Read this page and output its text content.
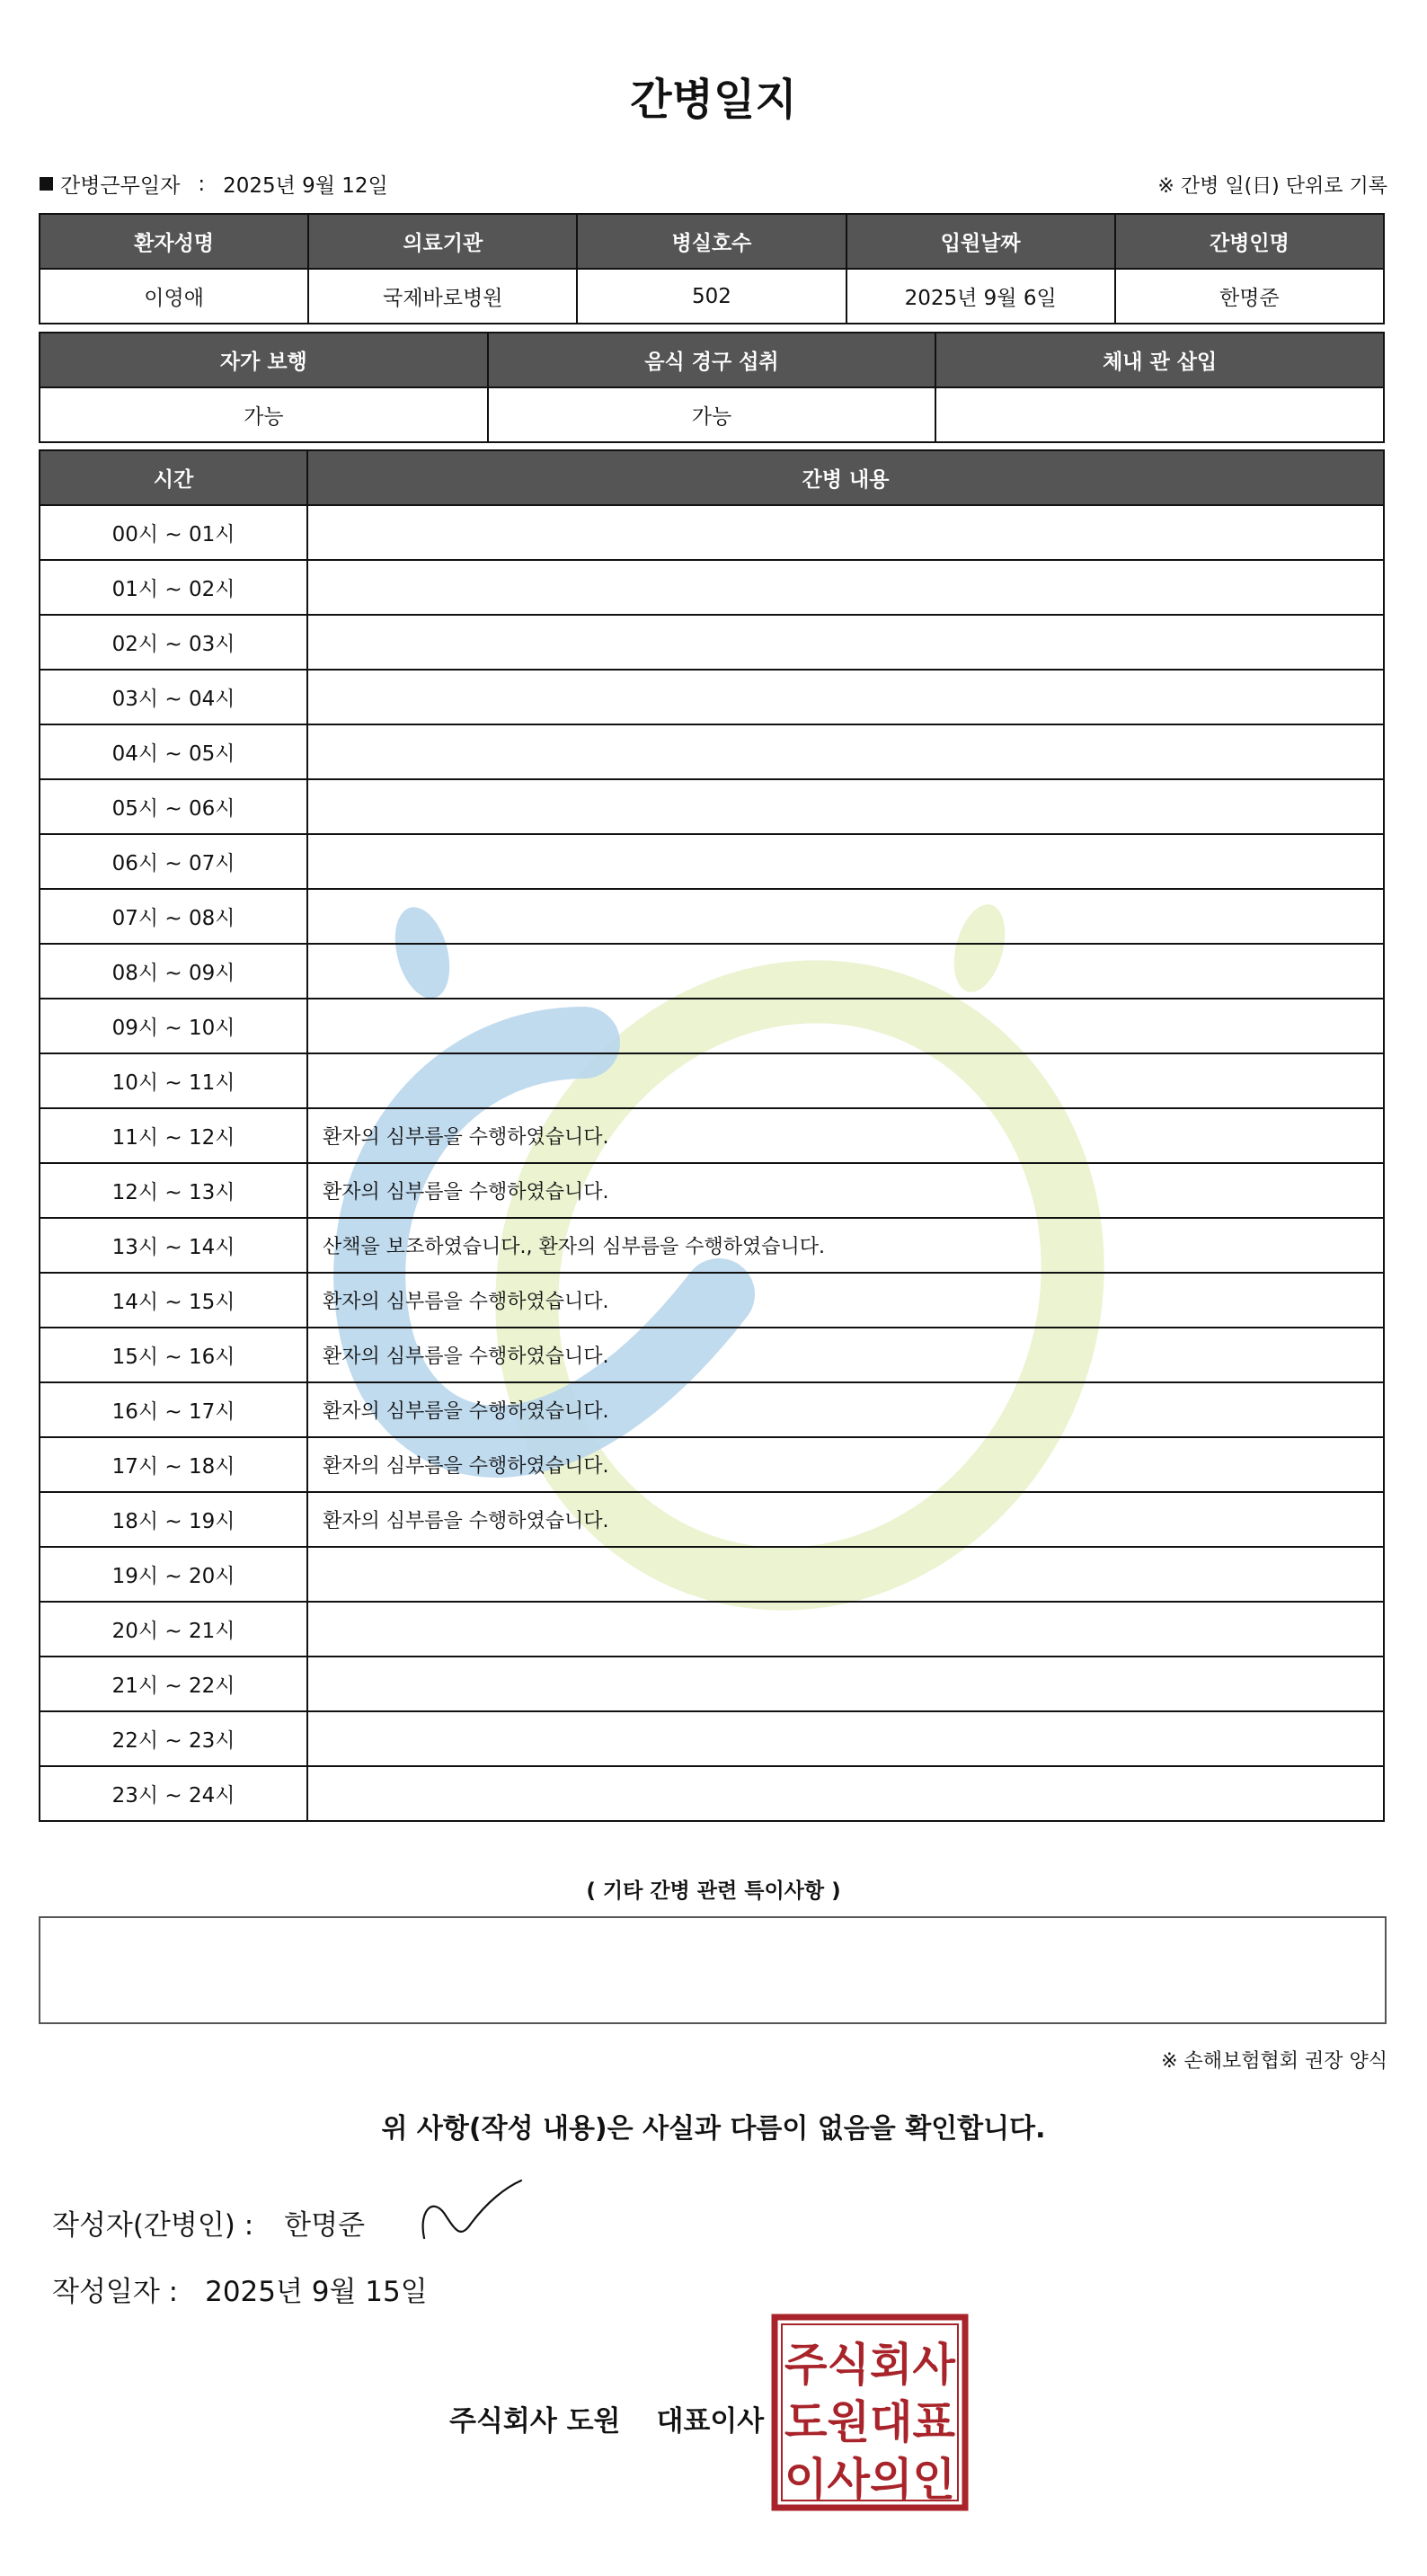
간병일지
간병근무일자 : 2025년 9월 12일	※ 간병 일(日) 단위로 기록
환자성명	의료기관	병실호수	입원날짜	간병인명
이영애	국제바로병원	502	2025년 9월 6일	한명준
자가 보행	음식 경구 섭취	체내 관 삽입
가능	가능	
시간	간병 내용
00시 ~ 01시	
01시 ~ 02시	
02시 ~ 03시	
03시 ~ 04시	
04시 ~ 05시	
05시 ~ 06시	
06시 ~ 07시	
07시 ~ 08시	
08시 ~ 09시	
09시 ~ 10시	
10시 ~ 11시	
11시 ~ 12시	환자의 심부름을 수행하였습니다.
12시 ~ 13시	환자의 심부름을 수행하였습니다.
13시 ~ 14시	산책을 보조하였습니다., 환자의 심부름을 수행하였습니다.
14시 ~ 15시	환자의 심부름을 수행하였습니다.
15시 ~ 16시	환자의 심부름을 수행하였습니다.
16시 ~ 17시	환자의 심부름을 수행하였습니다.
17시 ~ 18시	환자의 심부름을 수행하였습니다.
18시 ~ 19시	환자의 심부름을 수행하였습니다.
19시 ~ 20시	
20시 ~ 21시	
21시 ~ 22시	
22시 ~ 23시	
23시 ~ 24시	
( 기타 간병 관련 특이사항 )
※ 손해보험협회 권장 양식
위 사항(작성 내용)은 사실과 다름이 없음을 확인합니다.
작성자(간병인) : 한명준
작성일자 : 2025년 9월 15일
주식회사 도원 대표이사
주식회사
도원대표
이사의인
